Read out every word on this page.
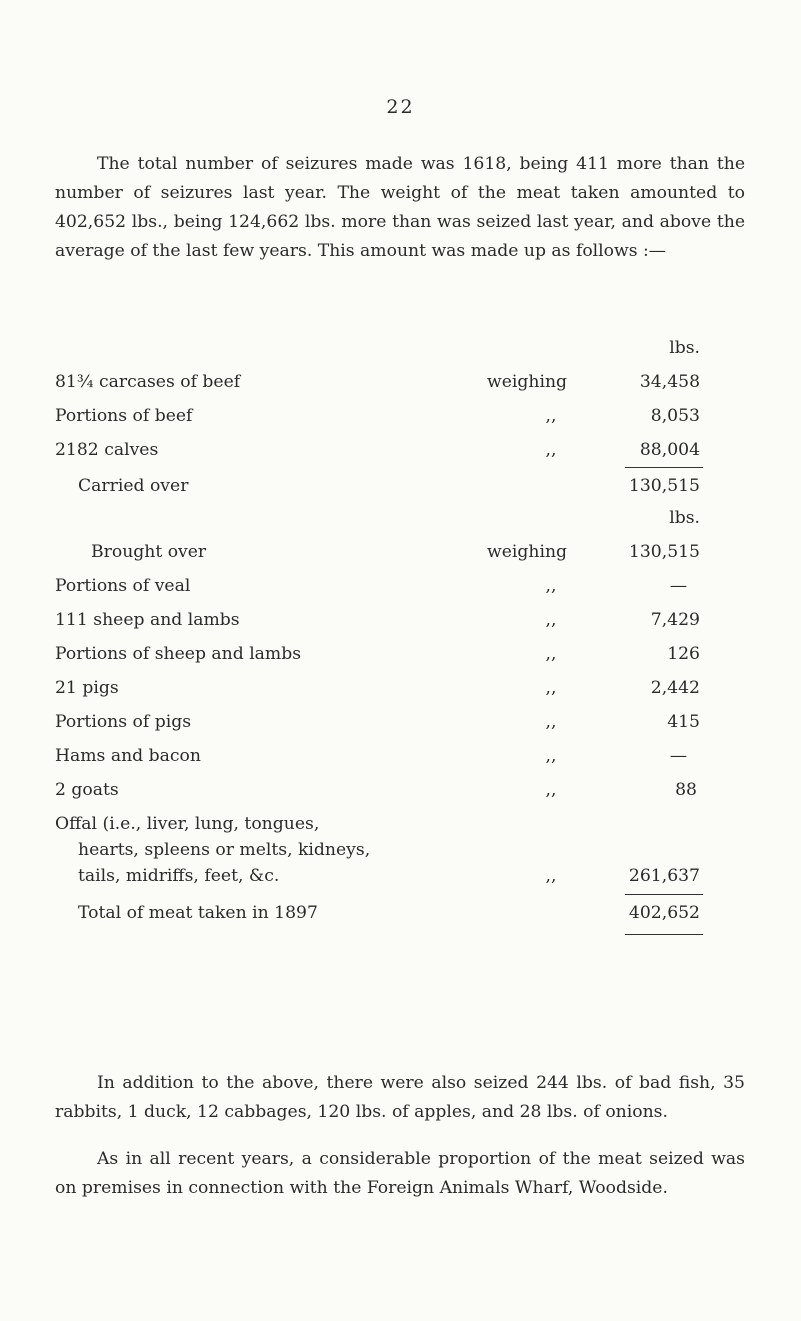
22

The total number of seizures made was 1618, being 411 more than the number of seizures last year. The weight of the meat taken amounted to 402,652 lbs., being 124,662 lbs. more than was seized last year, and above the average of the last few years. This amount was made up as follows :—

lbs.
81¾ carcases of beef	weighing	34,458
Portions of beef	,,	8,053
2182 calves	,,	88,004
Carried over	130,515
lbs.
Brought over	weighing	130,515
Portions of veal	,,	—
111 sheep and lambs	,,	7,429
Portions of sheep and lambs	,,	126
21 pigs	,,	2,442
Portions of pigs	,,	415
Hams and bacon	,,	—
2 goats	,,	88
Offal (i.e., liver, lung, tongues,
hearts, spleens or melts, kidneys,
tails, midriffs, feet, &c.	,,	261,637
Total of meat taken in 1897	402,652

In addition to the above, there were also seized 244 lbs. of bad fish, 35 rabbits, 1 duck, 12 cabbages, 120 lbs. of apples, and 28 lbs. of onions.

As in all recent years, a considerable proportion of the meat seized was on premises in connection with the Foreign Animals Wharf, Woodside.
